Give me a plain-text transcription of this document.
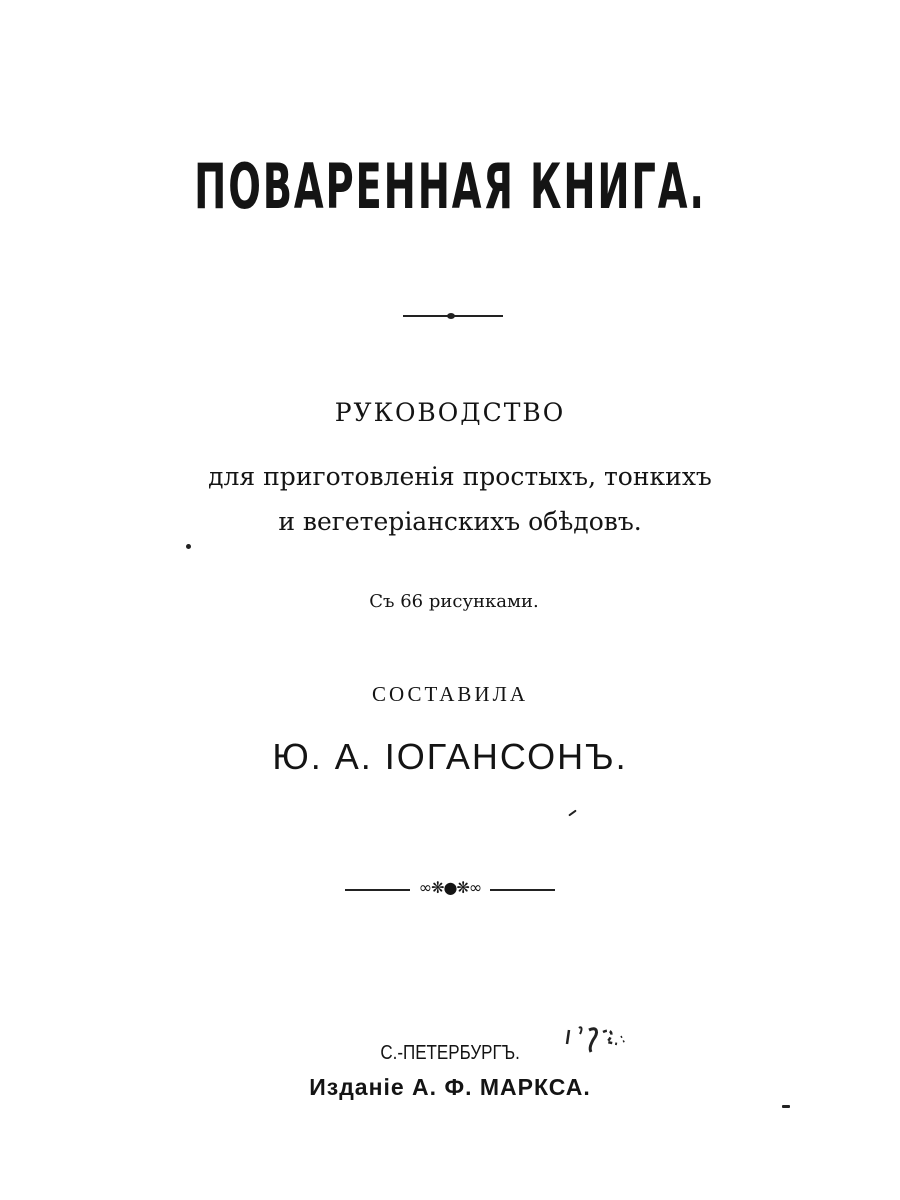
ПОВАРЕННАЯ КНИГА.
РУКОВОДСТВО
для приготовленія простыхъ, тонкихъ
и вегетеріанскихъ обѣдовъ.
Съ 66 рисунками.
СОСТАВИЛА
Ю. А. ІОГАНСОНЪ.
∞❋●❋∞
С.-ПЕТЕРБУРГЪ.
Изданіе А. Ф. МАРКСА.
